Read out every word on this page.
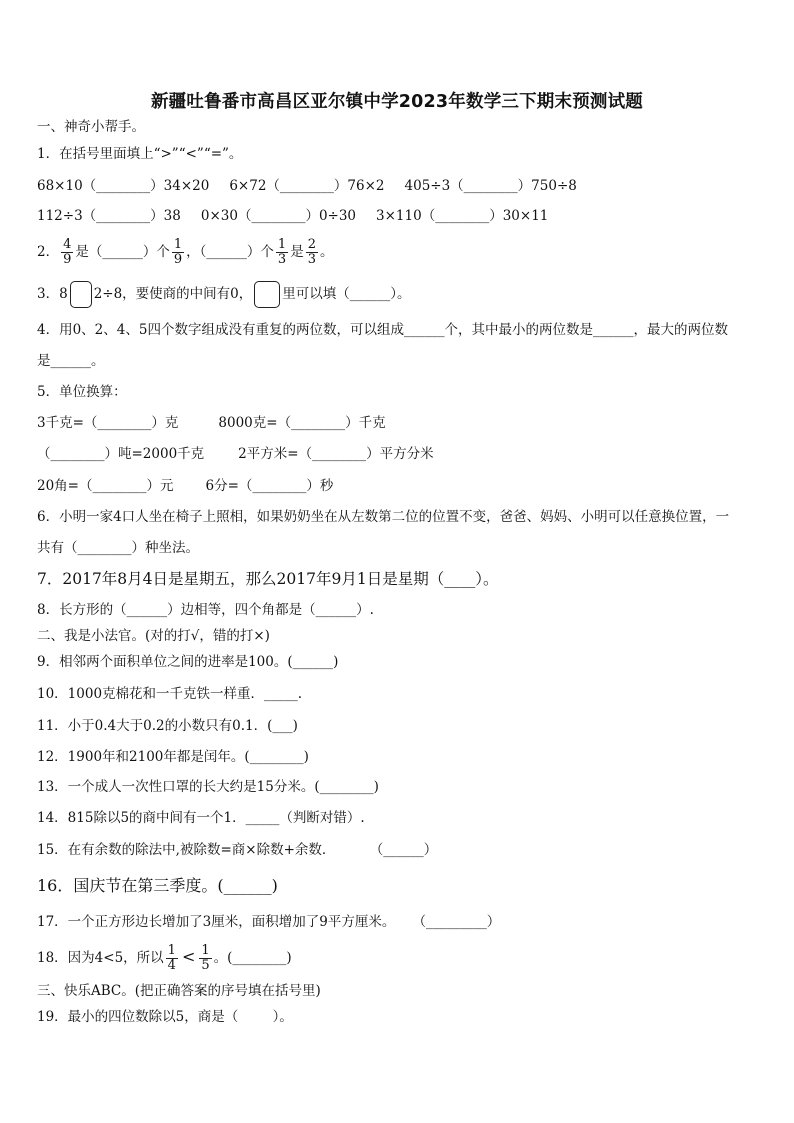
新疆吐鲁番市高昌区亚尔镇中学2023年数学三下期末预测试题
一、神奇小帮手。
1．在括号里面填上“>”“<”“=”。
68×10（________）34×20 6×72（________）76×2 405÷3（________）750÷8
112÷3（________）38 0×30（________）0÷30 3×110（________）30×11
2． $\frac{4}{9}$ 是（______）个 $\frac{1}{9}$ ，（______）个 $\frac{1}{3}$ 是 $\frac{2}{3}$ 。
3．8 2÷8，要使商的中间有0， 里可以填（______）。
4．用0、2、4、5四个数字组成没有重复的两位数，可以组成______个，其中最小的两位数是______，最大的两位数
是______。
5．单位换算：
3千克=（________）克	8000克=（________）千克
（________）吨=2000千克	2平方米=（________）平方分米
20角=（________）元 6分=（________）秒
6．小明一家4口人坐在椅子上照相，如果奶奶坐在从左数第二位的位置不变，爸爸、妈妈、小明可以任意换位置，一
共有（________）种坐法。
7．2017年8月4日是星期五，那么2017年9月1日是星期（____）。
8．长方形的（______）边相等，四个角都是（______）.
二、我是小法官。(对的打√，错的打×)
9．相邻两个面积单位之间的进率是100。(______)
10．1000克棉花和一千克铁一样重．_____.
11．小于0.4大于0.2的小数只有0.1．(___)
12．1900年和2100年都是闰年。(________)
13．一个成人一次性口罩的长大约是15分米。(________)
14．815除以5的商中间有一个1．_____（判断对错）.
15．在有余数的除法中,被除数=商×除数+余数．        （______）
16．国庆节在第三季度。(______)
17．一个正方形边长增加了3厘米，面积增加了9平方厘米。    （_________）
18．因为4<5，所以 $\frac{1}{4} < \frac{1}{5}$ 。(________)
三、快乐ABC。(把正确答案的序号填在括号里)
19．最小的四位数除以5，商是（        ）。
